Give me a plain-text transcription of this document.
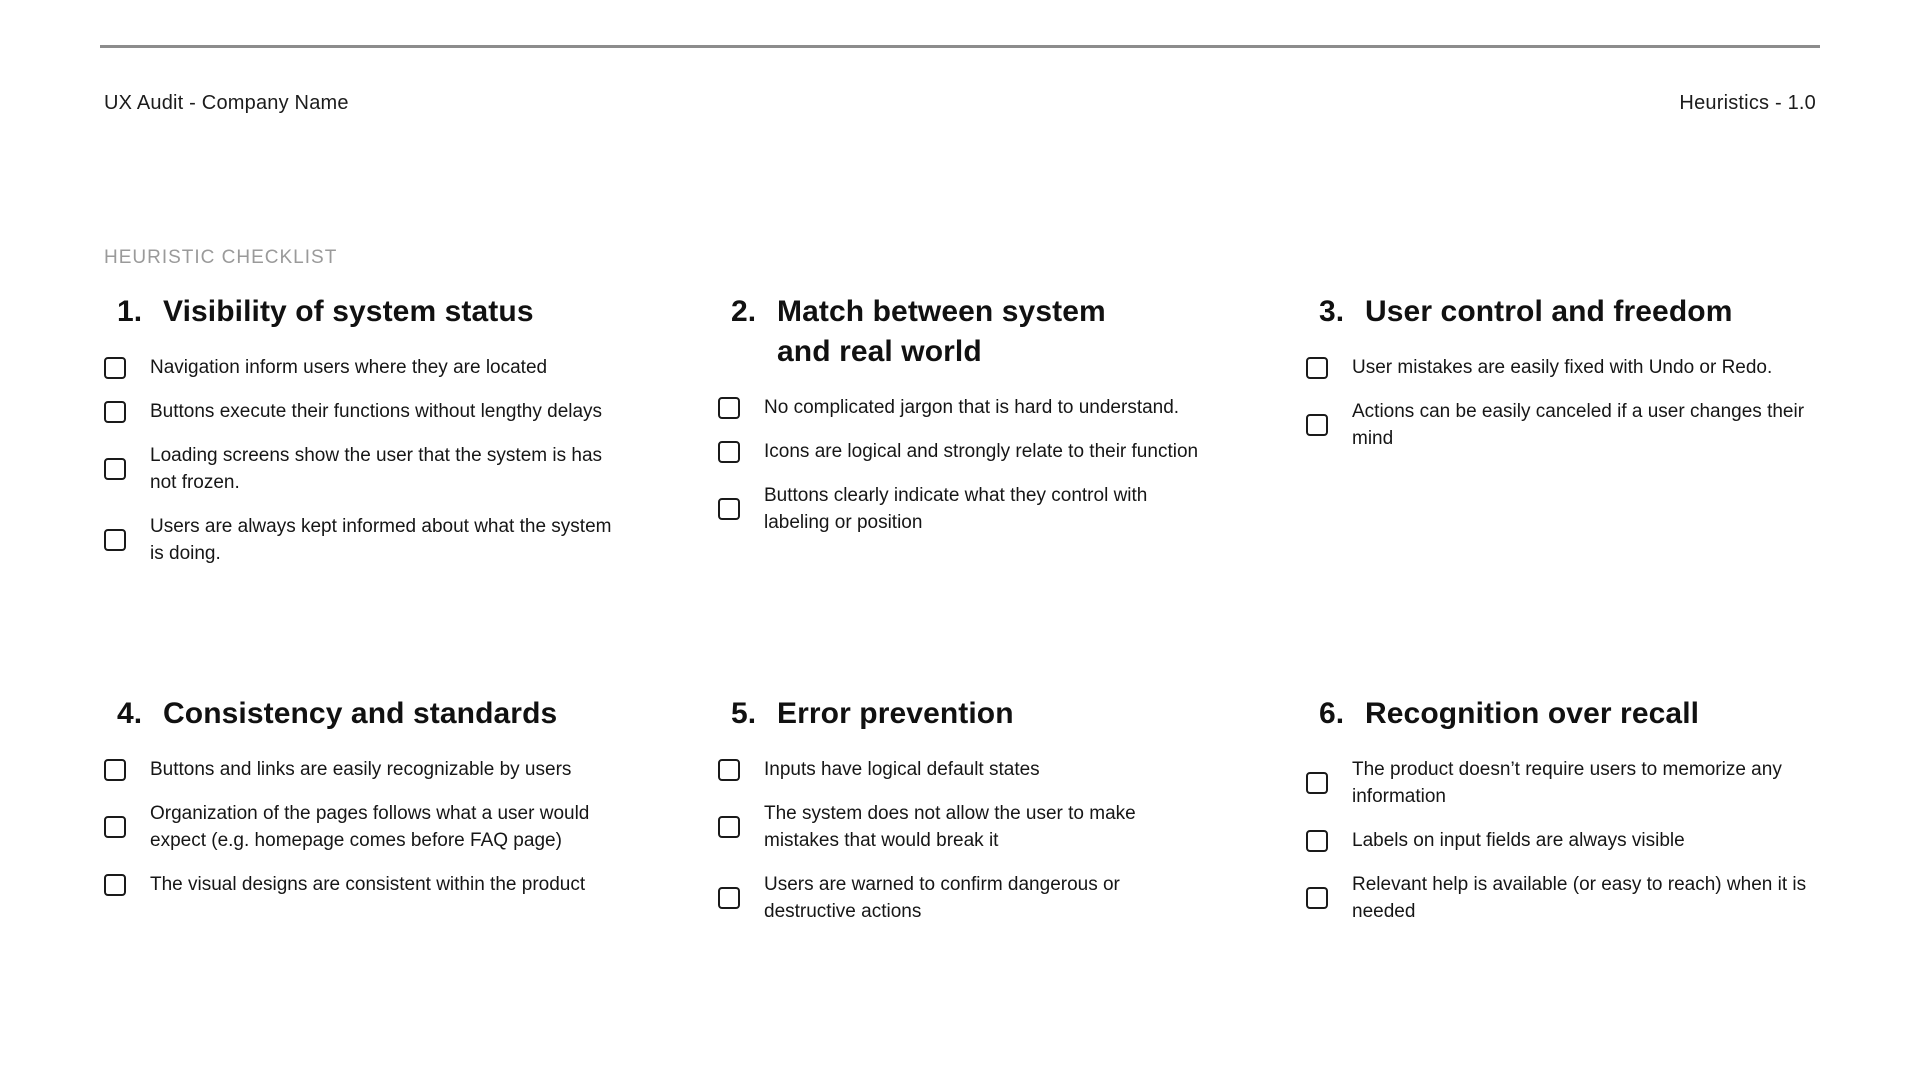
UX Audit - Company Name	Heuristics - 1.0
HEURISTIC CHECKLIST
1. Visibility of system status
Navigation inform users where they are located
Buttons execute their functions without lengthy delays
Loading screens show the user that the system is has not frozen.
Users are always kept informed about what the system is doing.
2. Match between system and real world
No complicated jargon that is hard to understand.
Icons are logical and strongly relate to their function
Buttons clearly indicate what they control with labeling or position
3. User control and freedom
User mistakes are easily fixed with Undo or Redo.
Actions can be easily canceled if a user changes their mind
4. Consistency and standards
Buttons and links are easily recognizable by users
Organization of the pages follows what a user would expect (e.g. homepage comes before FAQ page)
The visual designs are consistent within the product
5. Error prevention
Inputs have logical default states
The system does not allow the user to make mistakes that would break it
Users are warned to confirm dangerous or destructive actions
6. Recognition over recall
The product doesn’t require users to memorize any information
Labels on input fields are always visible
Relevant help is available (or easy to reach) when it is needed
